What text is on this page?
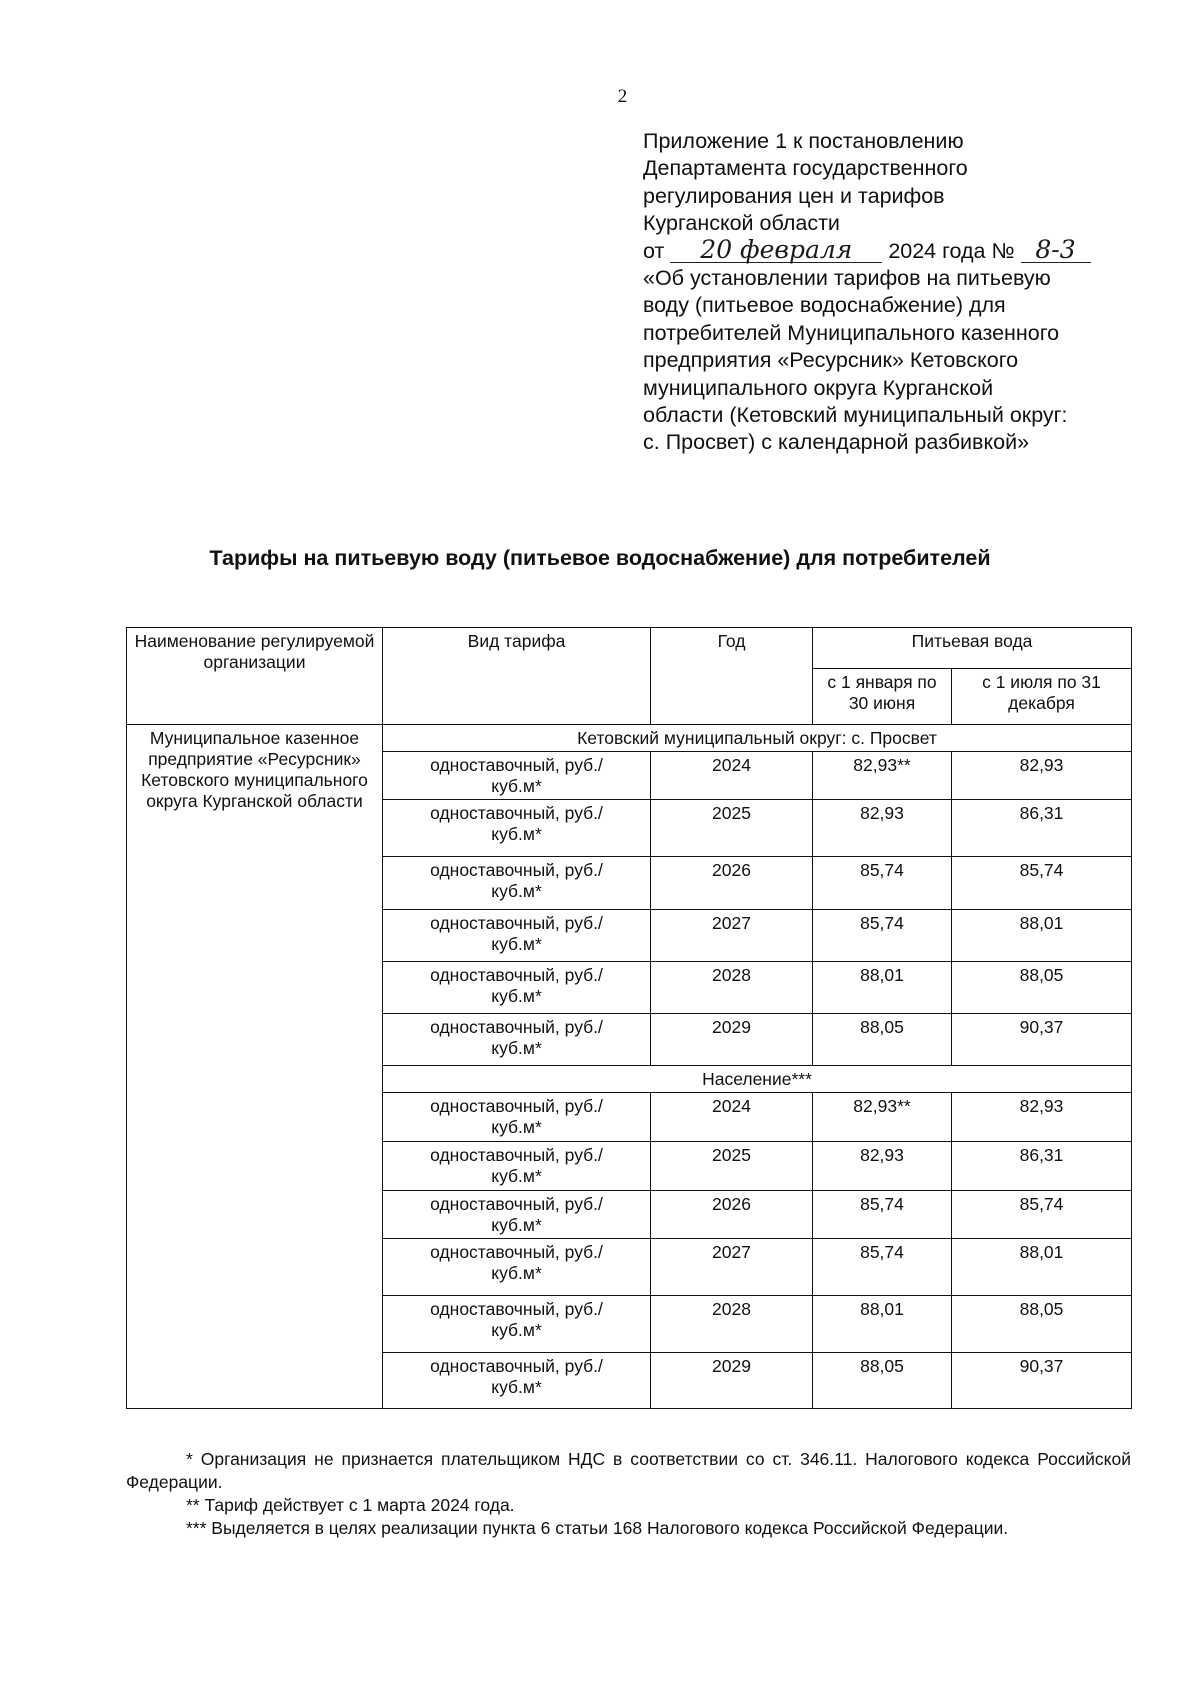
2
Приложение 1 к постановлению
Департамента государственного
регулирования цен и тарифов
Курганской области
от 20 февраля 2024 года № 8-3
«Об установлении тарифов на питьевую
воду (питьевое водоснабжение) для
потребителей Муниципального казенного
предприятия «Ресурсник» Кетовского
муниципального округа Курганской
области (Кетовский муниципальный округ:
с. Просвет) с календарной разбивкой»
Тарифы на питьевую воду (питьевое водоснабжение) для потребителей
Наименование регулируемой организации	Вид тарифа	Год	Питьевая вода	
			с 1 января по 30 июня	с 1 июля по 31 декабря
Муниципальное казенное предприятие «Ресурсник» Кетовского муниципального округа Курганской области	Кетовский муниципальный округ: с. Просвет			
	одноставочный, руб./куб.м*	2024	82,93**	82,93
	одноставочный, руб./куб.м*	2025	82,93	86,31
	одноставочный, руб./куб.м*	2026	85,74	85,74
	одноставочный, руб./куб.м*	2027	85,74	88,01
	одноставочный, руб./куб.м*	2028	88,01	88,05
	одноставочный, руб./куб.м*	2029	88,05	90,37
	Население***			
	одноставочный, руб./куб.м*	2024	82,93**	82,93
	одноставочный, руб./куб.м*	2025	82,93	86,31
	одноставочный, руб./куб.м*	2026	85,74	85,74
	одноставочный, руб./куб.м*	2027	85,74	88,01
	одноставочный, руб./куб.м*	2028	88,01	88,05
	одноставочный, руб./куб.м*	2029	88,05	90,37

* Организация не признается плательщиком НДС в соответствии со ст. 346.11. Налогового кодекса Российской Федерации.

** Тариф действует с 1 марта 2024 года.

*** Выделяется в целях реализации пункта 6 статьи 168 Налогового кодекса Российской Федерации.
